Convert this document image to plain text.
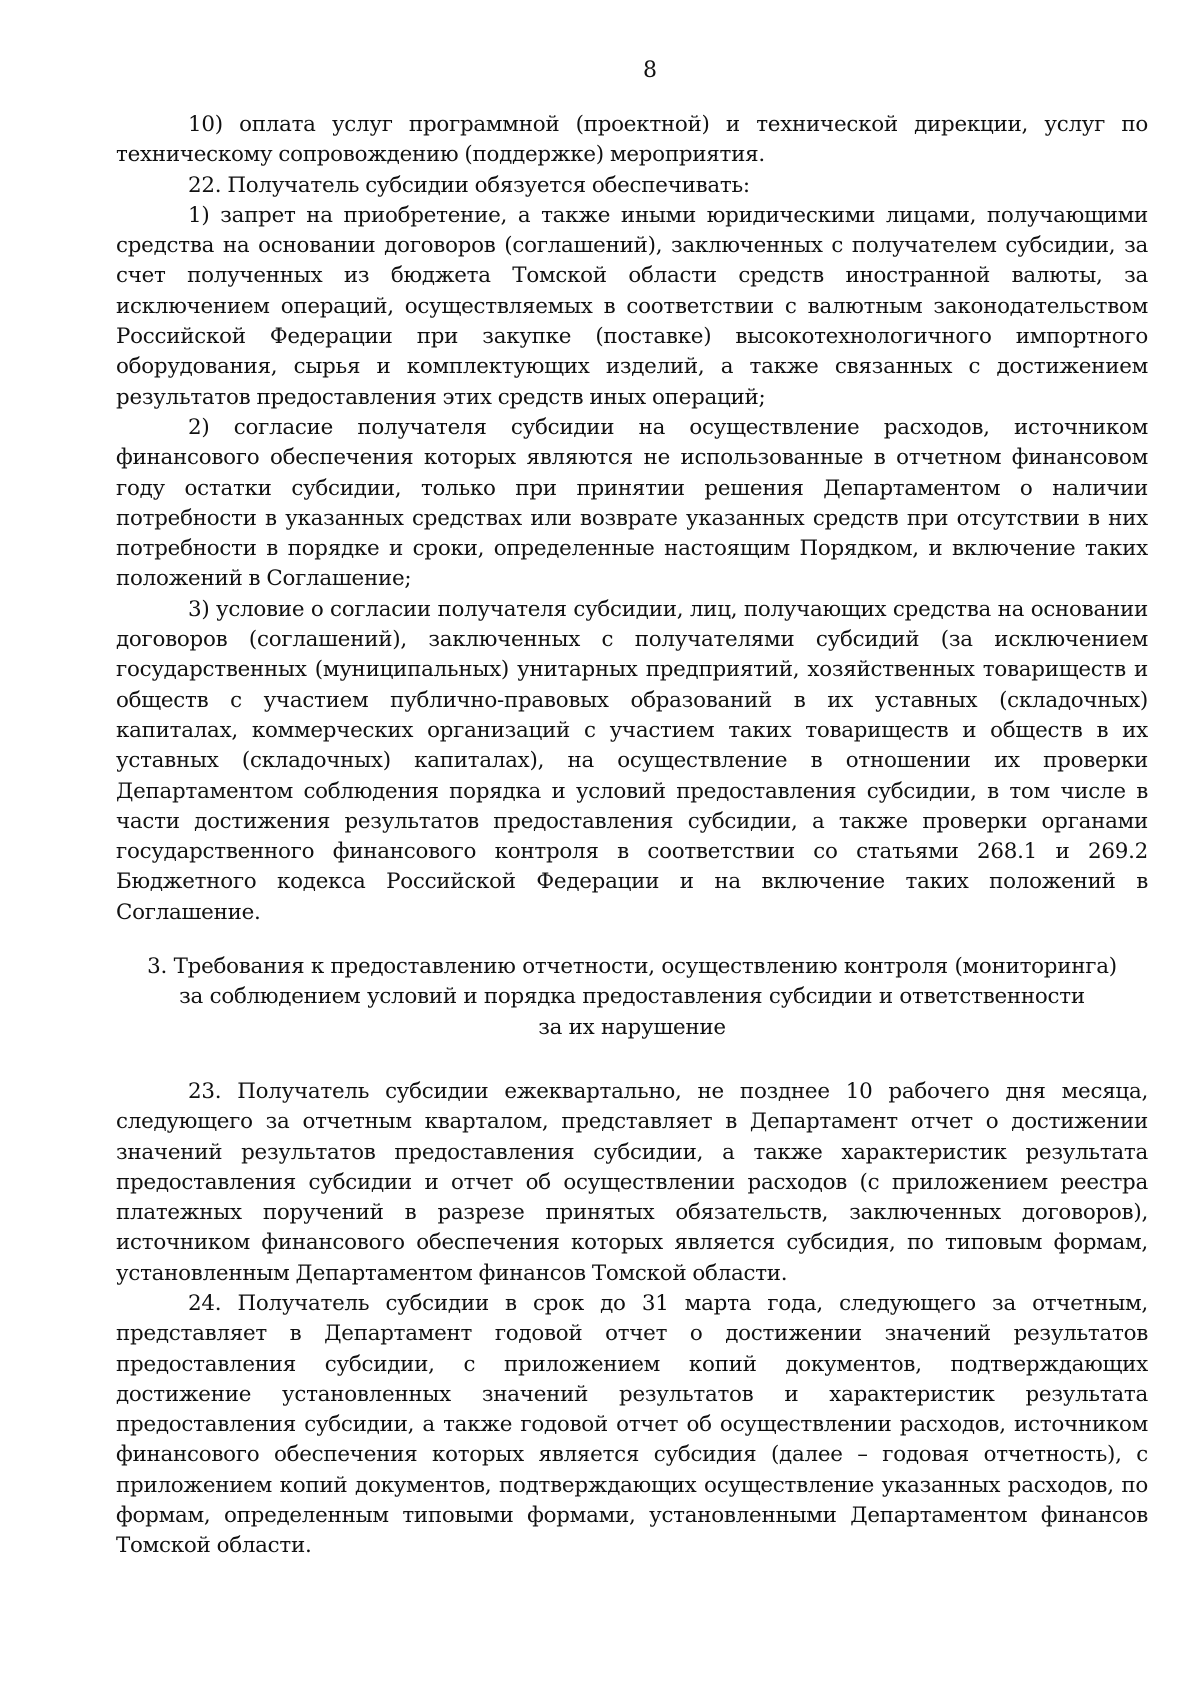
8

10) оплата услуг программной (проектной) и технической дирекции, услуг по техническому сопровождению (поддержке) мероприятия.

22. Получатель субсидии обязуется обеспечивать:

1) запрет на приобретение, а также иными юридическими лицами, получающими средства на основании договоров (соглашений), заключенных с получателем субсидии, за счет полученных из бюджета Томской области средств иностранной валюты, за исключением операций, осуществляемых в соответствии с валютным законодательством Российской Федерации при закупке (поставке) высокотехнологичного импортного оборудования, сырья и комплектующих изделий, а также связанных с достижением результатов предоставления этих средств иных операций;

2) согласие получателя субсидии на осуществление расходов, источником финансового обеспечения которых являются не использованные в отчетном финансовом году остатки субсидии, только при принятии решения Департаментом о наличии потребности в указанных средствах или возврате указанных средств при отсутствии в них потребности в порядке и сроки, определенные настоящим Порядком, и включение таких положений в Соглашение;

3) условие о согласии получателя субсидии, лиц, получающих средства на основании договоров (соглашений), заключенных с получателями субсидий (за исключением государственных (муниципальных) унитарных предприятий, хозяйственных товариществ и обществ с участием публично-правовых образований в их уставных (складочных) капиталах, коммерческих организаций с участием таких товариществ и обществ в их уставных (складочных) капиталах), на осуществление в отношении их проверки Департаментом соблюдения порядка и условий предоставления субсидии, в том числе в части достижения результатов предоставления субсидии, а также проверки органами государственного финансового контроля в соответствии со статьями 268.1 и 269.2 Бюджетного кодекса Российской Федерации и на включение таких положений в Соглашение.

3. Требования к предоставлению отчетности, осуществлению контроля (мониторинга)
за соблюдением условий и порядка предоставления субсидии и ответственности
за их нарушение

23. Получатель субсидии ежеквартально, не позднее 10 рабочего дня месяца, следующего за отчетным кварталом, представляет в Департамент отчет о достижении значений результатов предоставления субсидии, а также характеристик результата предоставления субсидии и отчет об осуществлении расходов (с приложением реестра платежных поручений в разрезе принятых обязательств, заключенных договоров), источником финансового обеспечения которых является субсидия, по типовым формам, установленным Департаментом финансов Томской области.

24. Получатель субсидии в срок до 31 марта года, следующего за отчетным, представляет в Департамент годовой отчет о достижении значений результатов предоставления субсидии, с приложением копий документов, подтверждающих достижение установленных значений результатов и характеристик результата предоставления субсидии, а также годовой отчет об осуществлении расходов, источником финансового обеспечения которых является субсидия (далее – годовая отчетность), с приложением копий документов, подтверждающих осуществление указанных расходов, по формам, определенным типовыми формами, установленными Департаментом финансов Томской области.
